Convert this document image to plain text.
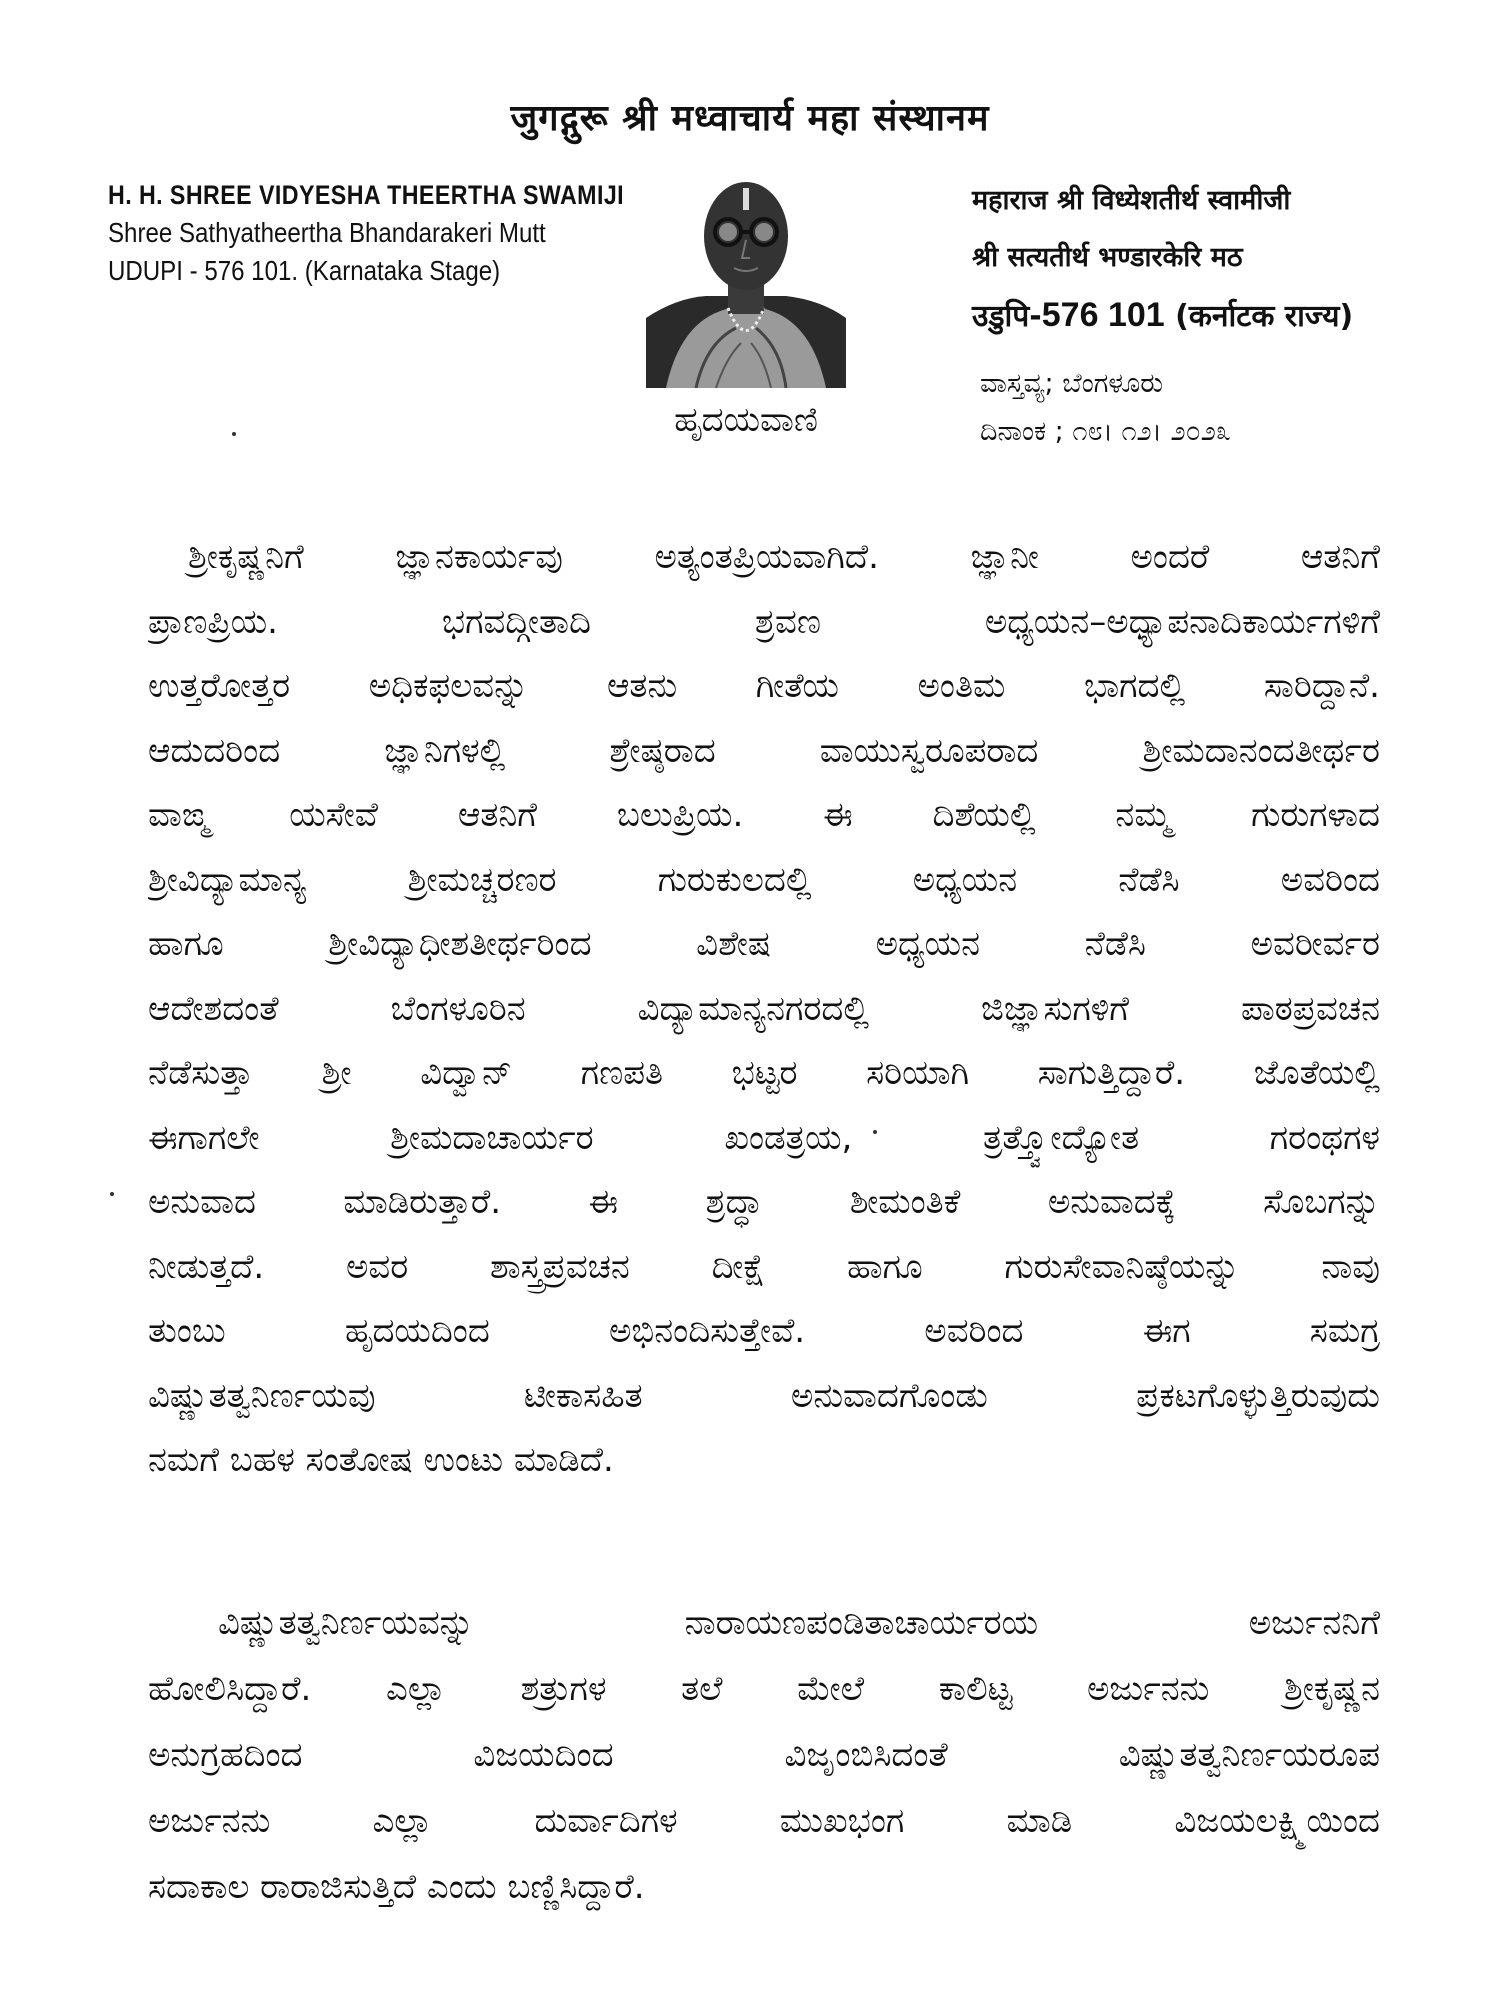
जुगद्गुरू श्री मध्वाचार्य महा संस्थानम
H. H. SHREE VIDYESHA THEERTHA SWAMIJI
Shree Sathyatheertha Bhandarakeri Mutt
UDUPI - 576 101. (Karnataka Stage)
ಹೃದಯವಾಣಿ
महाराज श्री विध्येशतीर्थ स्वामीजी
श्री सत्यतीर्थ भण्डारकेरि मठ
उडुपि-576 101 (कर्नाटक राज्य)
ವಾಸ್ತವ್ಯ; ಬೆಂಗಳೂರು
ದಿನಾಂಕ ; ೧೮। ೧೨। ೨೦೨೩
ಶ್ರೀಕೃಷ್ಣನಿಗೆ ಜ್ಞಾನಕಾರ್ಯವು ಅತ್ಯಂತಪ್ರಿಯವಾಗಿದೆ. ಜ್ಞಾನೀ ಅಂದರೆ ಆತನಿಗೆ
ಪ್ರಾಣಪ್ರಿಯ. ಭಗವದ್ಗೀತಾದಿ ಶ್ರವಣ ಅಧ್ಯಯನ–ಅಧ್ಯಾಪನಾದಿಕಾರ್ಯಗಳಿಗೆ
ಉತ್ತರೋತ್ತರ ಅಧಿಕಫಲವನ್ನು ಆತನು ಗೀತೆಯ ಅಂತಿಮ ಭಾಗದಲ್ಲಿ ಸಾರಿದ್ದಾನೆ.
ಆದುದರಿಂದ ಜ್ಞಾನಿಗಳಲ್ಲಿ ಶ್ರೇಷ್ಠರಾದ ವಾಯುಸ್ವರೂಪರಾದ ಶ್ರೀಮದಾನಂದತೀರ್ಥರ
ವಾಙ್ಮ ಯಸೇವೆ ಆತನಿಗೆ ಬಲುಪ್ರಿಯ. ಈ ದಿಶೆಯಲ್ಲಿ ನಮ್ಮ ಗುರುಗಳಾದ
ಶ್ರೀವಿದ್ಯಾಮಾನ್ಯ ಶ್ರೀಮಚ್ಚರಣರ ಗುರುಕುಲದಲ್ಲಿ ಅಧ್ಯಯನ ನೆಡೆಸಿ ಅವರಿಂದ
ಹಾಗೂ ಶ್ರೀವಿದ್ಯಾಧೀಶತೀರ್ಥರಿಂದ ವಿಶೇಷ ಅಧ್ಯಯನ ನೆಡೆಸಿ ಅವರೀರ್ವರ
ಆದೇಶದಂತೆ ಬೆಂಗಳೂರಿನ ವಿದ್ಯಾಮಾನ್ಯನಗರದಲ್ಲಿ ಜಿಜ್ಞಾಸುಗಳಿಗೆ ಪಾಠಪ್ರವಚನ
ನೆಡೆಸುತ್ತಾ ಶ್ರೀ ವಿದ್ವಾನ್ ಗಣಪತಿ ಭಟ್ಟರ ಸರಿಯಾಗಿ ಸಾಗುತ್ತಿದ್ದಾರೆ. ಜೊತೆಯಲ್ಲಿ
ಈಗಾಗಲೇ ಶ್ರೀಮದಾಚಾರ್ಯರ ಖಂಡತ್ರಯ, ತ್ರತ್ತ್ವೋದ್ಯೋತ ಗರಂಥಗಳ
ಅನುವಾದ ಮಾಡಿರುತ್ತಾರೆ. ಈ ಶ್ರದ್ಧಾ ಶೀಮಂತಿಕೆ ಅನುವಾದಕ್ಕೆ ಸೊಬಗನ್ನು
ನೀಡುತ್ತದೆ. ಅವರ ಶಾಸ್ತ್ರಪ್ರವಚನ ದೀಕ್ಷೆ ಹಾಗೂ ಗುರುಸೇವಾನಿಷ್ಠೆಯನ್ನು ನಾವು
ತುಂಬು ಹೃದಯದಿಂದ ಅಭಿನಂದಿಸುತ್ತೇವೆ. ಅವರಿಂದ ಈಗ ಸಮಗ್ರ
ವಿಷ್ಣುತತ್ವನಿರ್ಣಯವು ಟೀಕಾಸಹಿತ ಅನುವಾದಗೊಂಡು ಪ್ರಕಟಗೊಳ್ಳುತ್ತಿರುವುದು
ನಮಗೆ ಬಹಳ ಸಂತೋಷ ಉಂಟು ಮಾಡಿದೆ.
ವಿಷ್ಣುತತ್ವನಿರ್ಣಯವನ್ನು ನಾರಾಯಣಪಂಡಿತಾಚಾರ್ಯರಯ ಅರ್ಜುನನಿಗೆ
ಹೋಲಿಸಿದ್ದಾರೆ. ಎಲ್ಲಾ ಶತ್ರುಗಳ ತಲೆ ಮೇಲೆ ಕಾಲಿಟ್ಟ ಅರ್ಜುನನು ಶ್ರೀಕೃಷ್ಣನ
ಅನುಗ್ರಹದಿಂದ ವಿಜಯದಿಂದ ವಿಜೃಂಬಿಸಿದಂತೆ ವಿಷ್ಣುತತ್ವನಿರ್ಣಯರೂಪ
ಅರ್ಜುನನು ಎಲ್ಲಾ ದುರ್ವಾದಿಗಳ ಮುಖಭಂಗ ಮಾಡಿ ವಿಜಯಲಕ್ಷ್ಮಿಯಿಂದ
ಸದಾಕಾಲ ರಾರಾಜಿಸುತ್ತಿದೆ ಎಂದು ಬಣ್ಣಿಸಿದ್ದಾರೆ.
